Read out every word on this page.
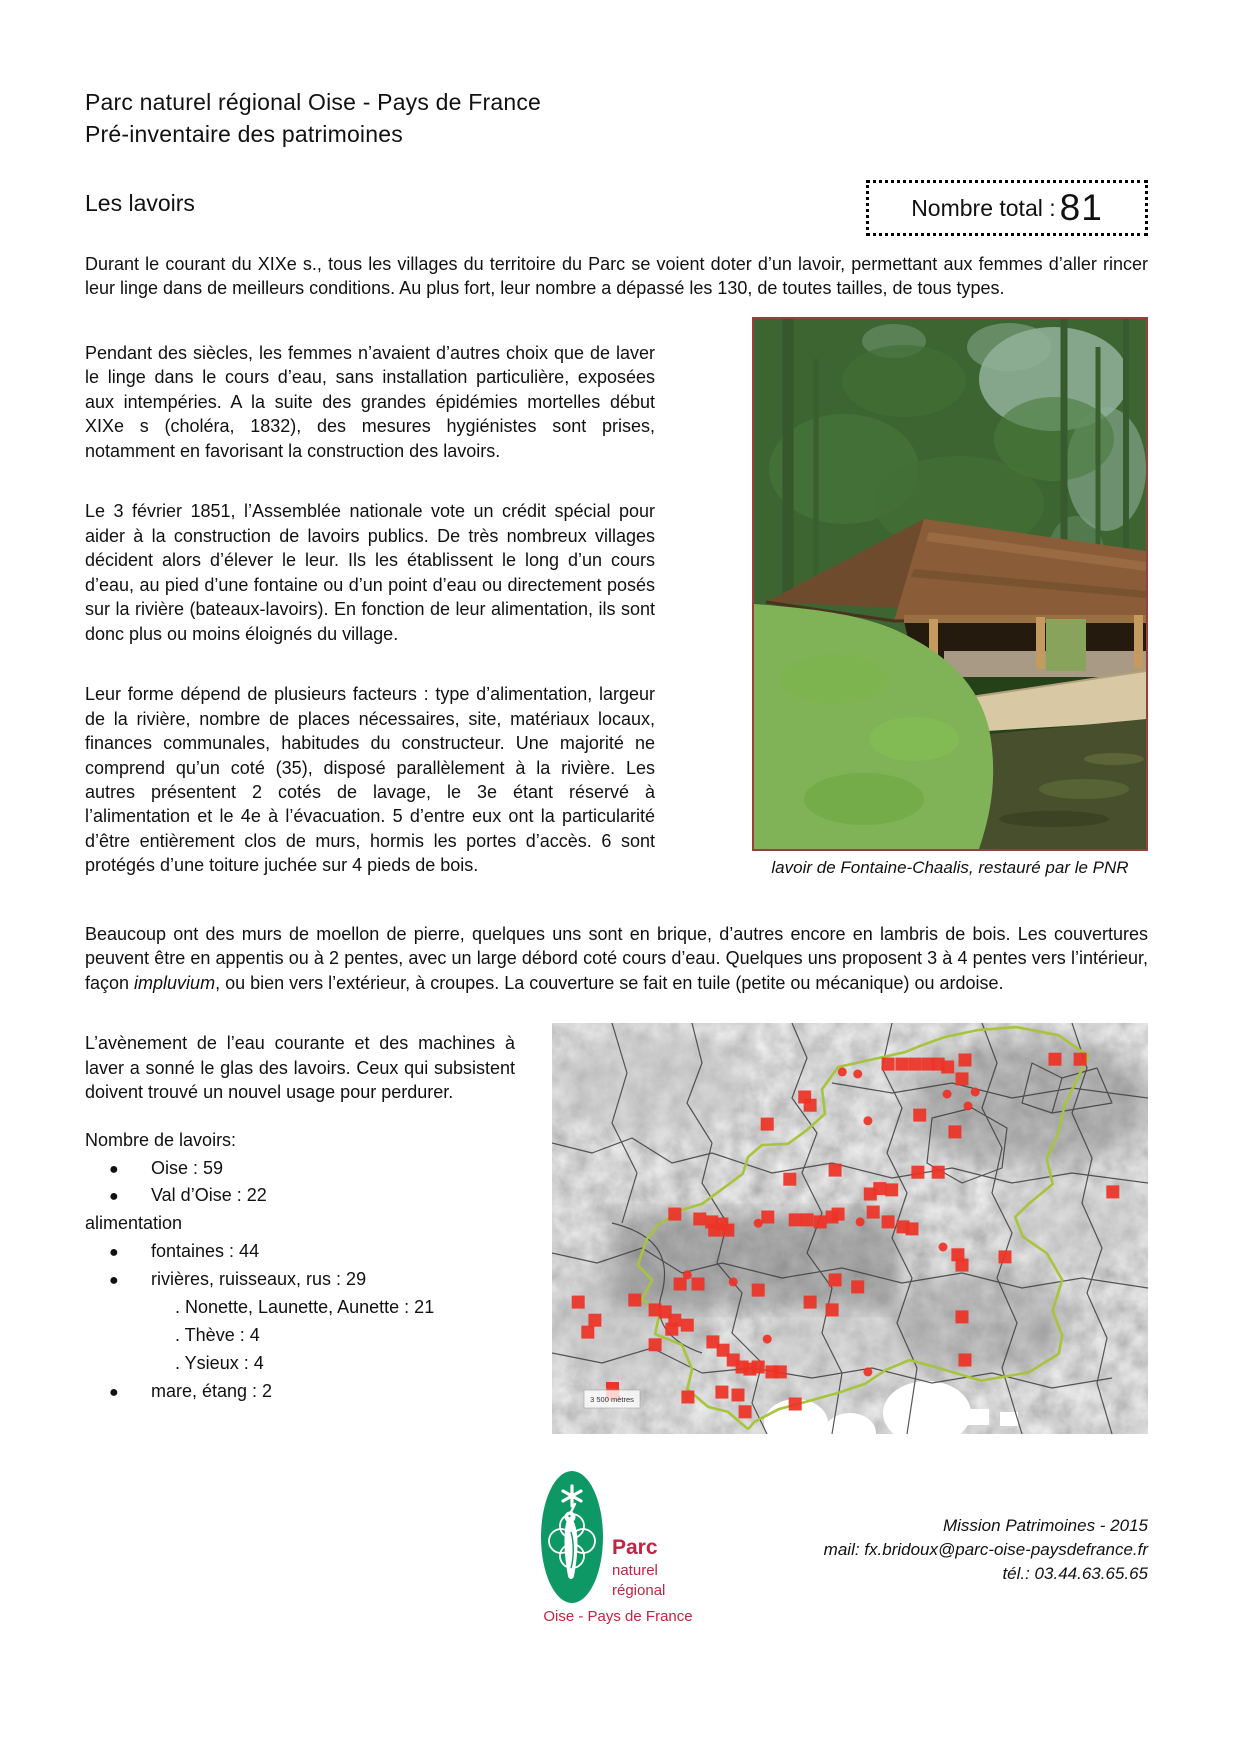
Parc naturel régional Oise - Pays de France
Pré-inventaire des patrimoines
Les lavoirs	Nombre total : 81

Durant le courant du XIXe s., tous les villages du territoire du Parc se voient doter d’un lavoir, permettant aux femmes d’aller rincer leur linge dans de meilleurs conditions. Au plus fort, leur nombre a dépassé les 130, de toutes tailles, de tous types.

lavoir de Fontaine-Chaalis, restauré par le PNR

Pendant des siècles, les femmes n’avaient d’autres choix que de laver le linge dans le cours d’eau, sans installation particulière, exposées aux intempéries. A la suite des grandes épidémies mortelles début XIXe s (choléra, 1832), des mesures hygiénistes sont prises, notamment en favorisant la construction des lavoirs.

Le 3 février 1851, l’Assemblée nationale vote un crédit spécial pour aider à la construction de lavoirs publics. De très nombreux villages décident alors d’élever le leur. Ils les établissent le long d’un cours d’eau, au pied d’une fontaine ou d’un point d’eau ou directement posés sur la rivière (bateaux-lavoirs). En fonction de leur alimentation, ils sont donc plus ou moins éloignés du village.

Leur forme dépend de plusieurs facteurs : type d’alimentation, largeur de la rivière, nombre de places nécessaires, site, matériaux locaux, finances communales, habitudes du constructeur. Une majorité ne comprend qu’un coté (35), disposé parallèlement à la rivière. Les autres présentent 2 cotés de lavage, le 3e étant réservé à l’alimentation et le 4e à l’évacuation. 5 d’entre eux ont la particularité d’être entièrement clos de murs, hormis les portes d’accès. 6 sont protégés d’une toiture juchée sur 4 pieds de bois.

Beaucoup ont des murs de moellon de pierre, quelques uns sont en brique, d’autres encore en lambris de bois. Les couvertures peuvent être en appentis ou à 2 pentes, avec un large débord coté cours d’eau. Quelques uns proposent 3 à 4 pentes vers l’intérieur, façon impluvium, ou bien vers l’extérieur, à croupes. La couverture se fait en tuile (petite ou mécanique) ou ardoise.

3 500 mètres

L’avènement de l’eau courante et des machines à laver a sonné le glas des lavoirs. Ceux qui subsistent doivent trouvé un nouvel usage pour perdurer.

Nombre de lavoirs:
● Oise : 59
● Val d’Oise : 22
alimentation
● fontaines : 44
● rivières, ruisseaux, rus : 29
. Nonette, Launette, Aunette : 21
. Thève : 4
. Ysieux : 4
● mare, étang : 2
Parc
naturel
régional
Oise - Pays de France
Mission Patrimoines - 2015
mail: fx.bridoux@parc-oise-paysdefrance.fr
tél.: 03.44.63.65.65
